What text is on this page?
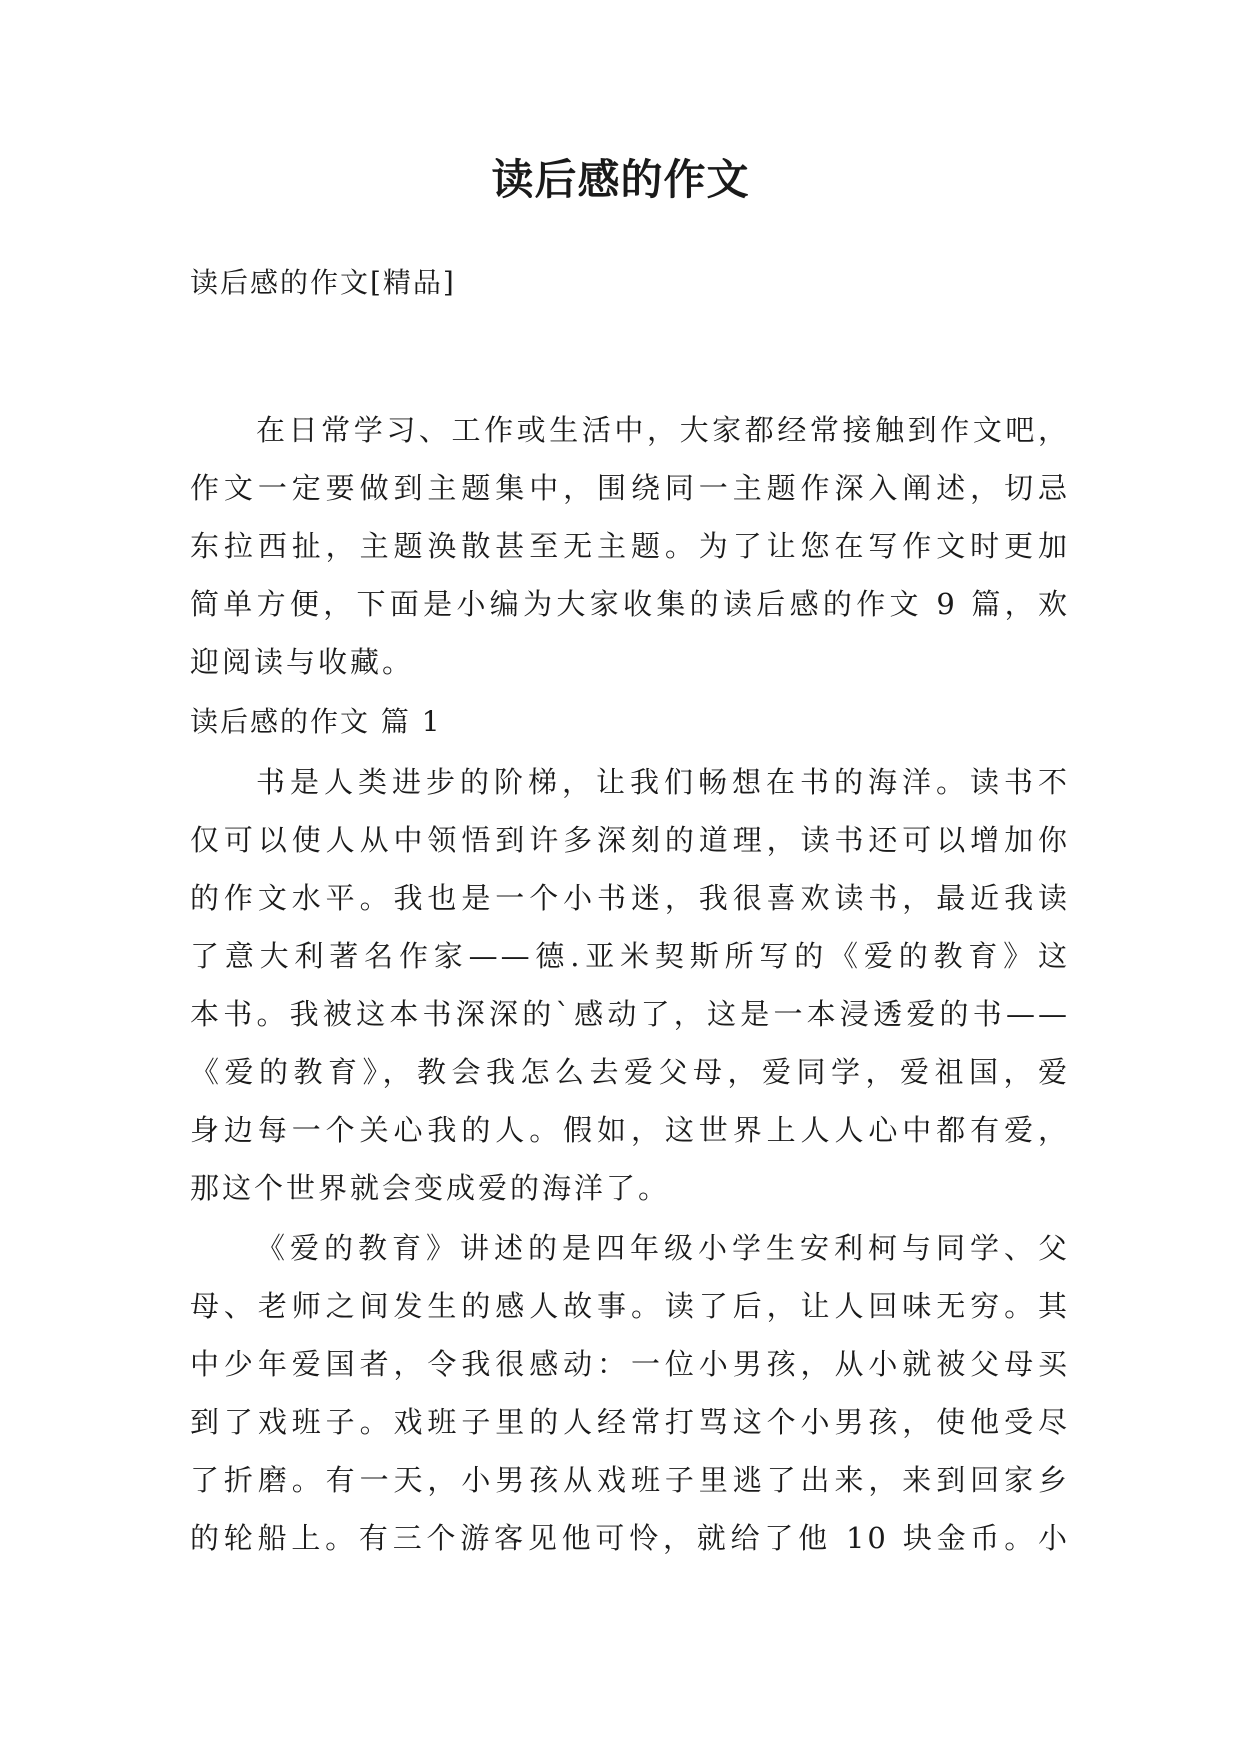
读后感的作文
读后感的作文[精品]
在日常学习、工作或生活中，大家都经常接触到作文吧，
作文一定要做到主题集中，围绕同一主题作深入阐述，切忌
东拉西扯，主题涣散甚至无主题。为了让您在写作文时更加
简单方便，下面是小编为大家收集的读后感的作文 9 篇，欢
迎阅读与收藏。
读后感的作文 篇 1
书是人类进步的阶梯，让我们畅想在书的海洋。读书不
仅可以使人从中领悟到许多深刻的道理，读书还可以增加你
的作文水平。我也是一个小书迷，我很喜欢读书，最近我读
了意大利著名作家——德.亚米契斯所写的《爱的教育》这
本书。我被这本书深深的`感动了，这是一本浸透爱的书——
《爱的教育》，教会我怎么去爱父母，爱同学，爱祖国，爱
身边每一个关心我的人。假如，这世界上人人心中都有爱，
那这个世界就会变成爱的海洋了。
《爱的教育》讲述的是四年级小学生安利柯与同学、父
母、老师之间发生的感人故事。读了后，让人回味无穷。其
中少年爱国者，令我很感动：一位小男孩，从小就被父母买
到了戏班子。戏班子里的人经常打骂这个小男孩，使他受尽
了折磨。有一天，小男孩从戏班子里逃了出来，来到回家乡
的轮船上。有三个游客见他可怜，就给了他 10 块金币。小
